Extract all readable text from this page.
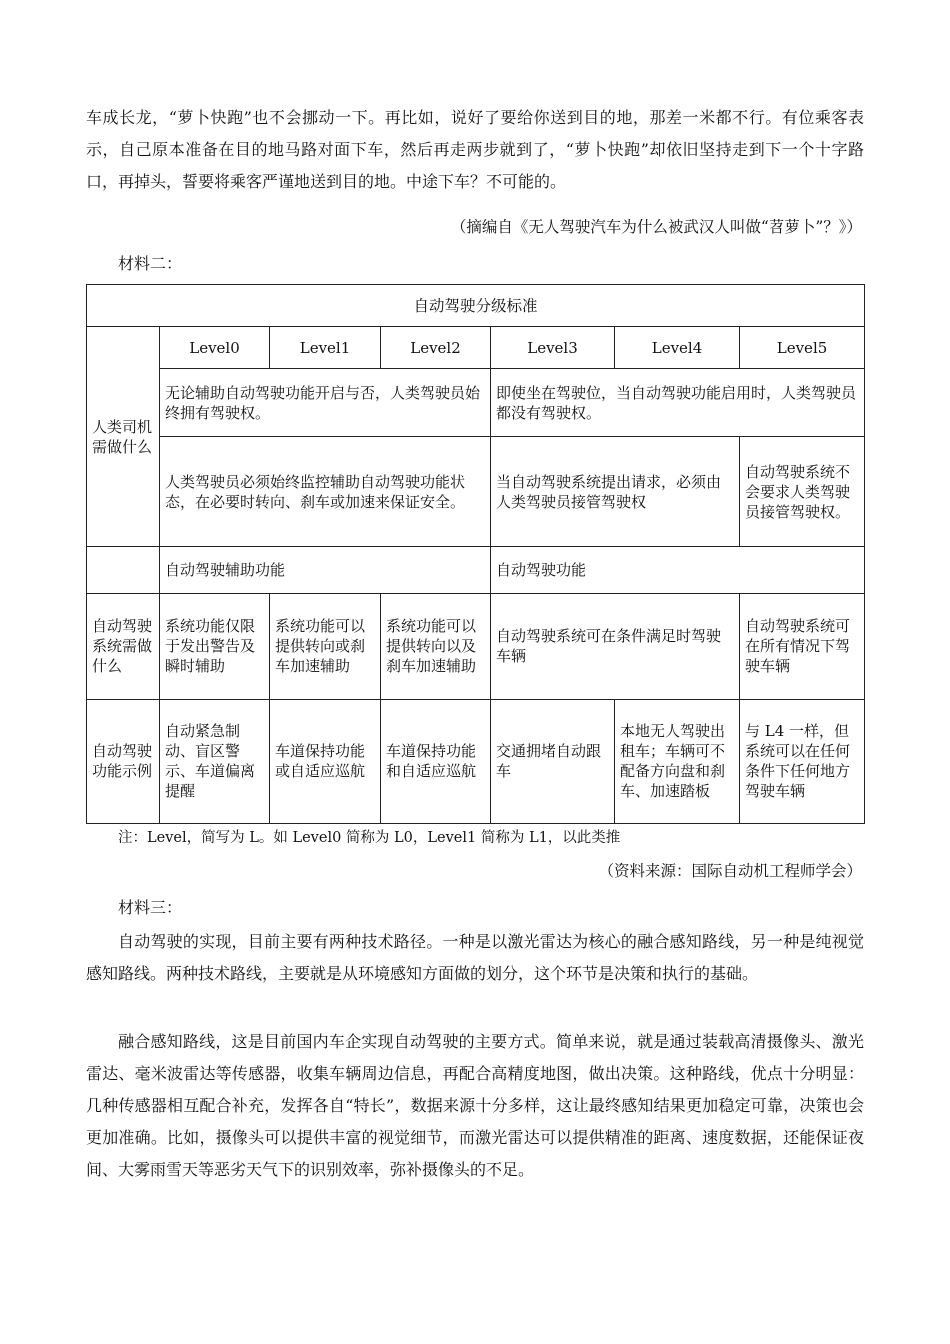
车成长龙，“萝卜快跑”也不会挪动一下。再比如，说好了要给你送到目的地，那差一米都不行。有位乘客表示，自己原本准备在目的地马路对面下车，然后再走两步就到了，“萝卜快跑”却依旧坚持走到下一个十字路口，再掉头，誓要将乘客严谨地送到目的地。中途下车？不可能的。

（摘编自《无人驾驶汽车为什么被武汉人叫做“苕萝卜”？》）
材料二：
自动驾驶分级标准						
人类司机需做什么	Level0	Level1	Level2	Level3	Level4	Level5
	无论辅助自动驾驶功能开启与否，人类驾驶员始终拥有驾驶权。			即使坐在驾驶位，当自动驾驶功能启用时，人类驾驶员都没有驾驶权。		
	人类驾驶员必须始终监控辅助自动驾驶功能状态，在必要时转向、刹车或加速来保证安全。			当自动驾驶系统提出请求，必须由人类驾驶员接管驾驶权		自动驾驶系统不会要求人类驾驶员接管驾驶权。
	自动驾驶辅助功能			自动驾驶功能		
自动驾驶系统需做什么	系统功能仅限于发出警告及瞬时辅助	系统功能可以提供转向或刹车加速辅助	系统功能可以提供转向以及刹车加速辅助	自动驾驶系统可在条件满足时驾驶车辆		自动驾驶系统可在所有情况下驾驶车辆
自动驾驶功能示例	自动紧急制动、盲区警示、车道偏离提醒	车道保持功能或自适应巡航	车道保持功能和自适应巡航	交通拥堵自动跟车	本地无人驾驶出租车；车辆可不配备方向盘和刹车、加速踏板	与 L4 一样，但系统可以在任何条件下任何地方驾驶车辆
注：Level，简写为 L。如 Level0 简称为 L0，Level1 简称为 L1，以此类推
（资料来源：国际自动机工程师学会）
材料三：

自动驾驶的实现，目前主要有两种技术路径。一种是以激光雷达为核心的融合感知路线，另一种是纯视觉感知路线。两种技术路线，主要就是从环境感知方面做的划分，这个环节是决策和执行的基础。

融合感知路线，这是目前国内车企实现自动驾驶的主要方式。简单来说，就是通过装载高清摄像头、激光雷达、毫米波雷达等传感器，收集车辆周边信息，再配合高精度地图，做出决策。这种路线，优点十分明显：几种传感器相互配合补充，发挥各自“特长”，数据来源十分多样，这让最终感知结果更加稳定可靠，决策也会更加准确。比如，摄像头可以提供丰富的视觉细节，而激光雷达可以提供精准的距离、速度数据，还能保证夜间、大雾雨雪天等恶劣天气下的识别效率，弥补摄像头的不足。
